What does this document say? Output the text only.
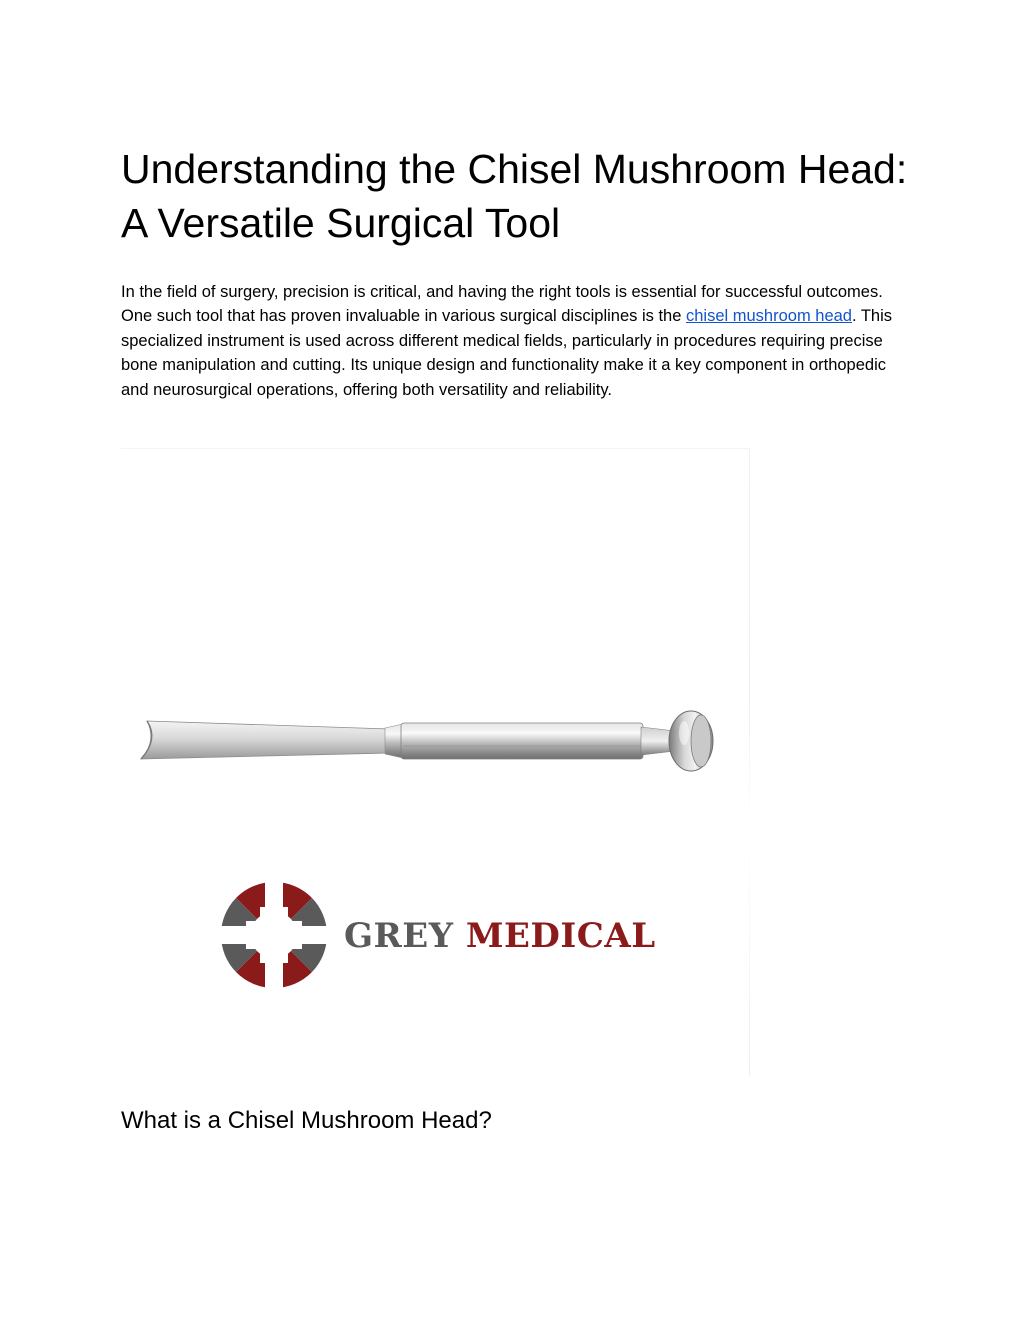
Understanding the Chisel Mushroom Head: A Versatile Surgical Tool

In the field of surgery, precision is critical, and having the right tools is essential for successful outcomes. One such tool that has proven invaluable in various surgical disciplines is the chisel mushroom head. This specialized instrument is used across different medical fields, particularly in procedures requiring precise bone manipulation and cutting. Its unique design and functionality make it a key component in orthopedic and neurosurgical operations, offering both versatility and reliability.

GREY MEDICAL
What is a Chisel Mushroom Head?
